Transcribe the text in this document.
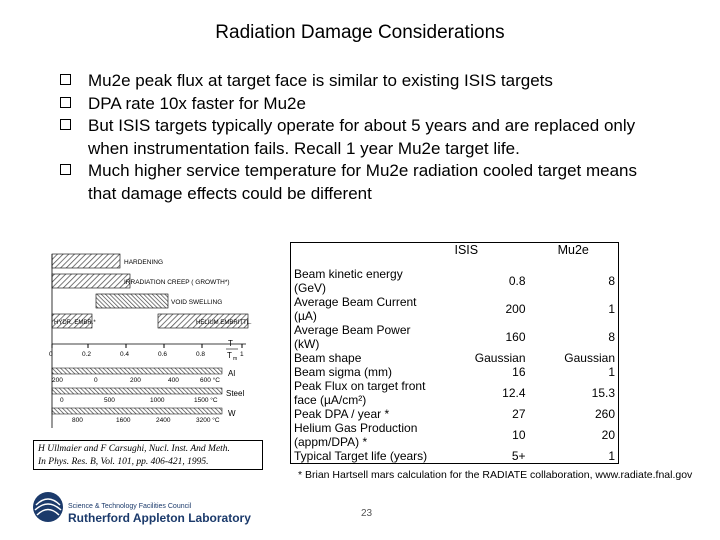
Radiation Damage Considerations
Mu2e peak flux at target face is similar to existing ISIS targets
DPA rate 10x faster for Mu2e
But ISIS targets typically operate for about 5 years and are replaced only when instrumentation fails. Recall 1 year Mu2e target life.
Much higher service temperature for Mu2e radiation cooled target means that damage effects could be different
HARDENING
IRRADIATION CREEP ( GROWTH*)
VOID SWELLING
HYDR. EMBR.*	HELIUM EMBRITTL.
0	0.2	0.4	0.6	0.8	1
T
T m
200	0	200	400	600 °C
Al
0	500	1000	1500 °C
Steel
800	1600	2400	3200 °C
W
H Ullmaier and F Carsughi, Nucl. Inst. And Meth.
In Phys. Res. B, Vol. 101, pp. 406-421, 1995.
	ISIS	Mu2e
Beam kinetic energy (GeV)	0.8	8
Average Beam Current (µA)	200	1
Average Beam Power (kW)	160	8
Beam shape	Gaussian	Gaussian
Beam sigma (mm)	16	1
Peak Flux on target front face (µA/cm²)	12.4	15.3
Peak DPA / year *	27	260
Helium Gas Production (appm/DPA) *	10	20
Typical Target life (years)	5+	1
* Brian Hartsell mars calculation for the RADIATE collaboration, www.radiate.fnal.gov
23
Science & Technology Facilities Council
Rutherford Appleton Laboratory
